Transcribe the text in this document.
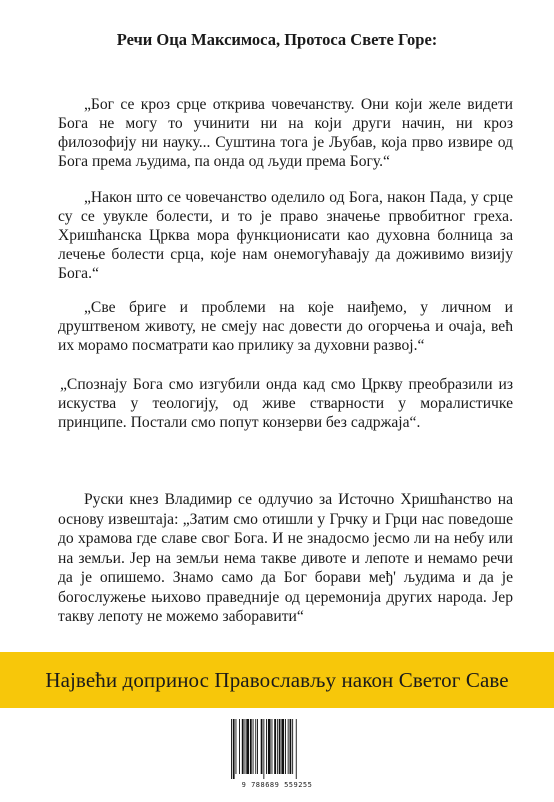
Речи Оца Максимоса, Протоса Свете Горе:

„Бог се кроз срце открива човечанству. Они који желе видети Бога не могу то учинити ни на који други начин, ни кроз филозофију ни науку... Суштина тога је Љубав, која прво извире од Бога према људима, па онда од људи према Богу.“

„Након што се човечанство оделило од Бога, након Пада, у срце су се увукле болести, и то је право значење првобитног греха. Хришћанска Црква мора функционисати као духовна болница за лечење болести срца, које нам онемогућавају да доживимо визију Бога.“

„Све бриге и проблеми на које наиђемо, у личном и друштвеном животу, не смеју нас довести до огорчења и очаја, већ их морамо посматрати као прилику за духовни развој.“

„Спознају Бога смо изгубили онда кад смо Цркву преобразили из искуства у теологију, од живе стварности у моралистичке принципе. Постали смо попут конзерви без садржаја“.

Руски кнез Владимир се одлучио за Источно Хришћанство на основу извештаја: „Затим смо отишли у Грчку и Грци нас поведоше до храмова где славе свог Бога. И не знадосмо јесмо ли на небу или на земљи. Јер на земљи нема такве дивоте и лепоте и немамо речи да је опишемо. Знамо само да Бог борави међ' људима и да је богослужење њихово праведније од церемонија других народа. Јер такву лепоту не можемо заборавити“

Највећи допринос Православљу након Светог Саве
9 788689 559255
